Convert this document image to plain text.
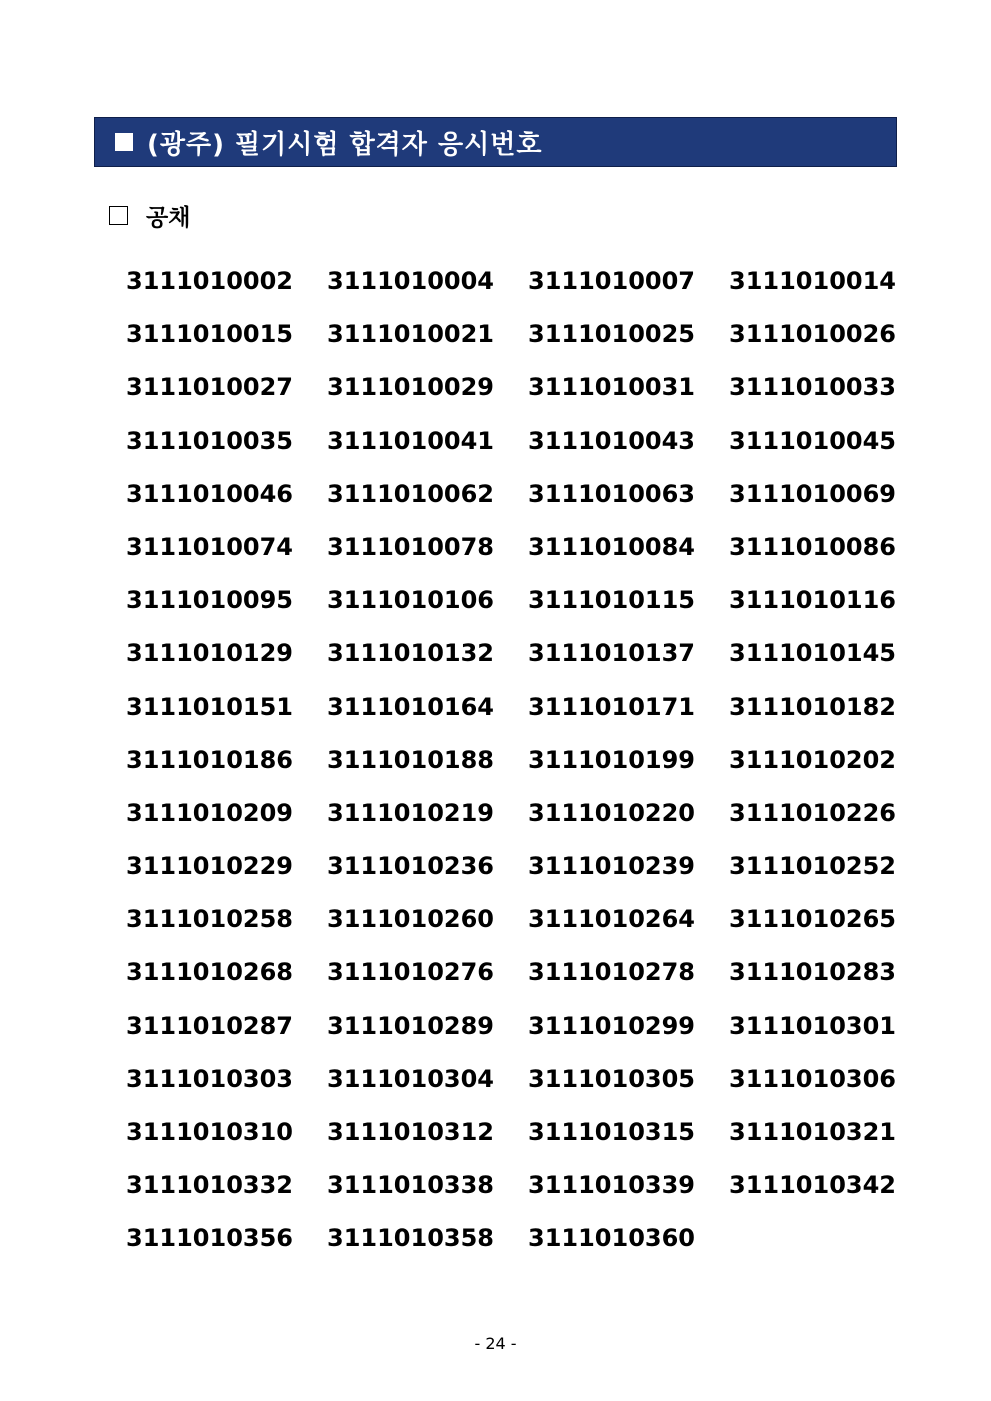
(광주) 필기시험 합격자 응시번호
공채
3111010002	3111010004	3111010007	3111010014
3111010015	3111010021	3111010025	3111010026
3111010027	3111010029	3111010031	3111010033
3111010035	3111010041	3111010043	3111010045
3111010046	3111010062	3111010063	3111010069
3111010074	3111010078	3111010084	3111010086
3111010095	3111010106	3111010115	3111010116
3111010129	3111010132	3111010137	3111010145
3111010151	3111010164	3111010171	3111010182
3111010186	3111010188	3111010199	3111010202
3111010209	3111010219	3111010220	3111010226
3111010229	3111010236	3111010239	3111010252
3111010258	3111010260	3111010264	3111010265
3111010268	3111010276	3111010278	3111010283
3111010287	3111010289	3111010299	3111010301
3111010303	3111010304	3111010305	3111010306
3111010310	3111010312	3111010315	3111010321
3111010332	3111010338	3111010339	3111010342
3111010356	3111010358	3111010360
- 24 -
